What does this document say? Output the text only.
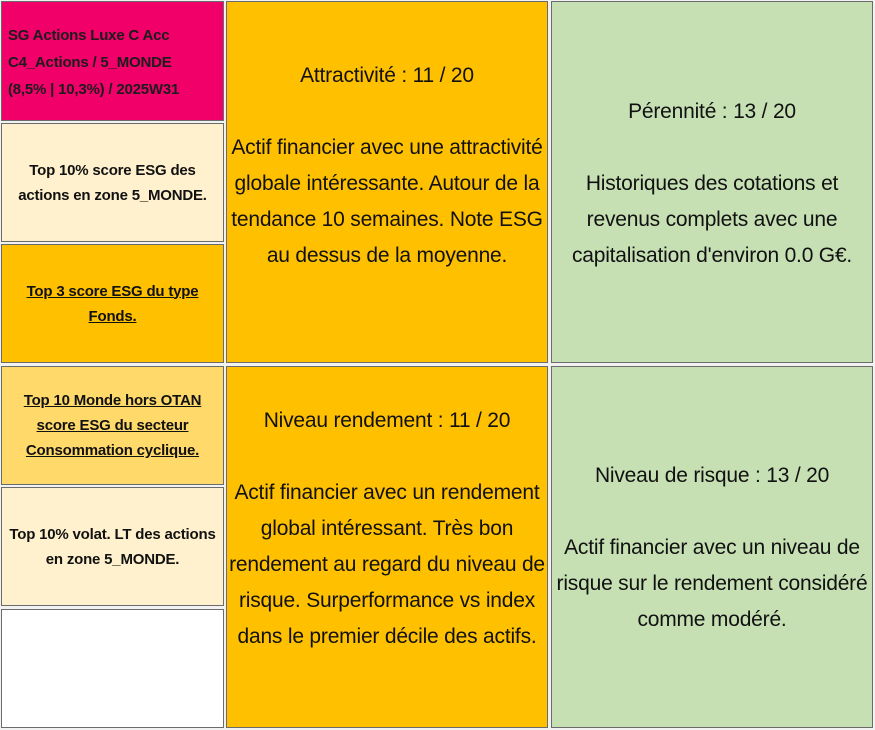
SG Actions Luxe C Acc
C4_Actions / 5_MONDE
(8,5% | 10,3%) / 2025W31
Top 10% score ESG des actions en zone 5_MONDE.
Top 3 score ESG du type Fonds.
Top 10 Monde hors OTAN score ESG du secteur Consommation cyclique.
Top 10% volat. LT des actions en zone 5_MONDE.
Attractivité : 11 / 20
Actif financier avec une attractivité globale intéressante. Autour de la tendance 10 semaines. Note ESG au dessus de la moyenne.
Niveau rendement : 11 / 20
Actif financier avec un rendement global intéressant. Très bon rendement au regard du niveau de risque. Surperformance vs index dans le premier décile des actifs.
Pérennité : 13 / 20
Historiques des cotations et revenus complets avec une capitalisation d'environ 0.0 G€.
Niveau de risque : 13 / 20
Actif financier avec un niveau de risque sur le rendement considéré comme modéré.
